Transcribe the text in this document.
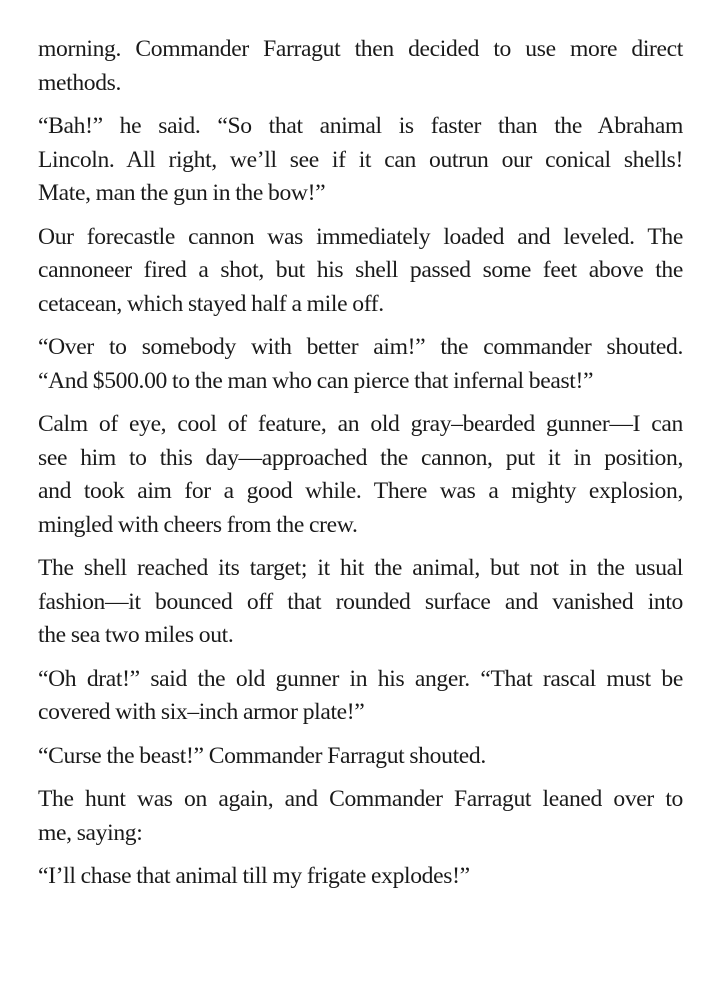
morning. Commander Farragut then decided to use more direct
methods.

“Bah!” he said. “So that animal is faster than the Abraham
Lincoln. All right, we’ll see if it can outrun our conical shells!
Mate, man the gun in the bow!”

Our forecastle cannon was immediately loaded and leveled. The
cannoneer fired a shot, but his shell passed some feet above the
cetacean, which stayed half a mile off.

“Over to somebody with better aim!” the commander shouted.
“And $500.00 to the man who can pierce that infernal beast!”

Calm of eye, cool of feature, an old gray–bearded gunner—I can
see him to this day—approached the cannon, put it in position,
and took aim for a good while. There was a mighty explosion,
mingled with cheers from the crew.

The shell reached its target; it hit the animal, but not in the usual
fashion—it bounced off that rounded surface and vanished into
the sea two miles out.

“Oh drat!” said the old gunner in his anger. “That rascal must be
covered with six–inch armor plate!”

“Curse the beast!” Commander Farragut shouted.

The hunt was on again, and Commander Farragut leaned over to
me, saying:

“I’ll chase that animal till my frigate explodes!”
